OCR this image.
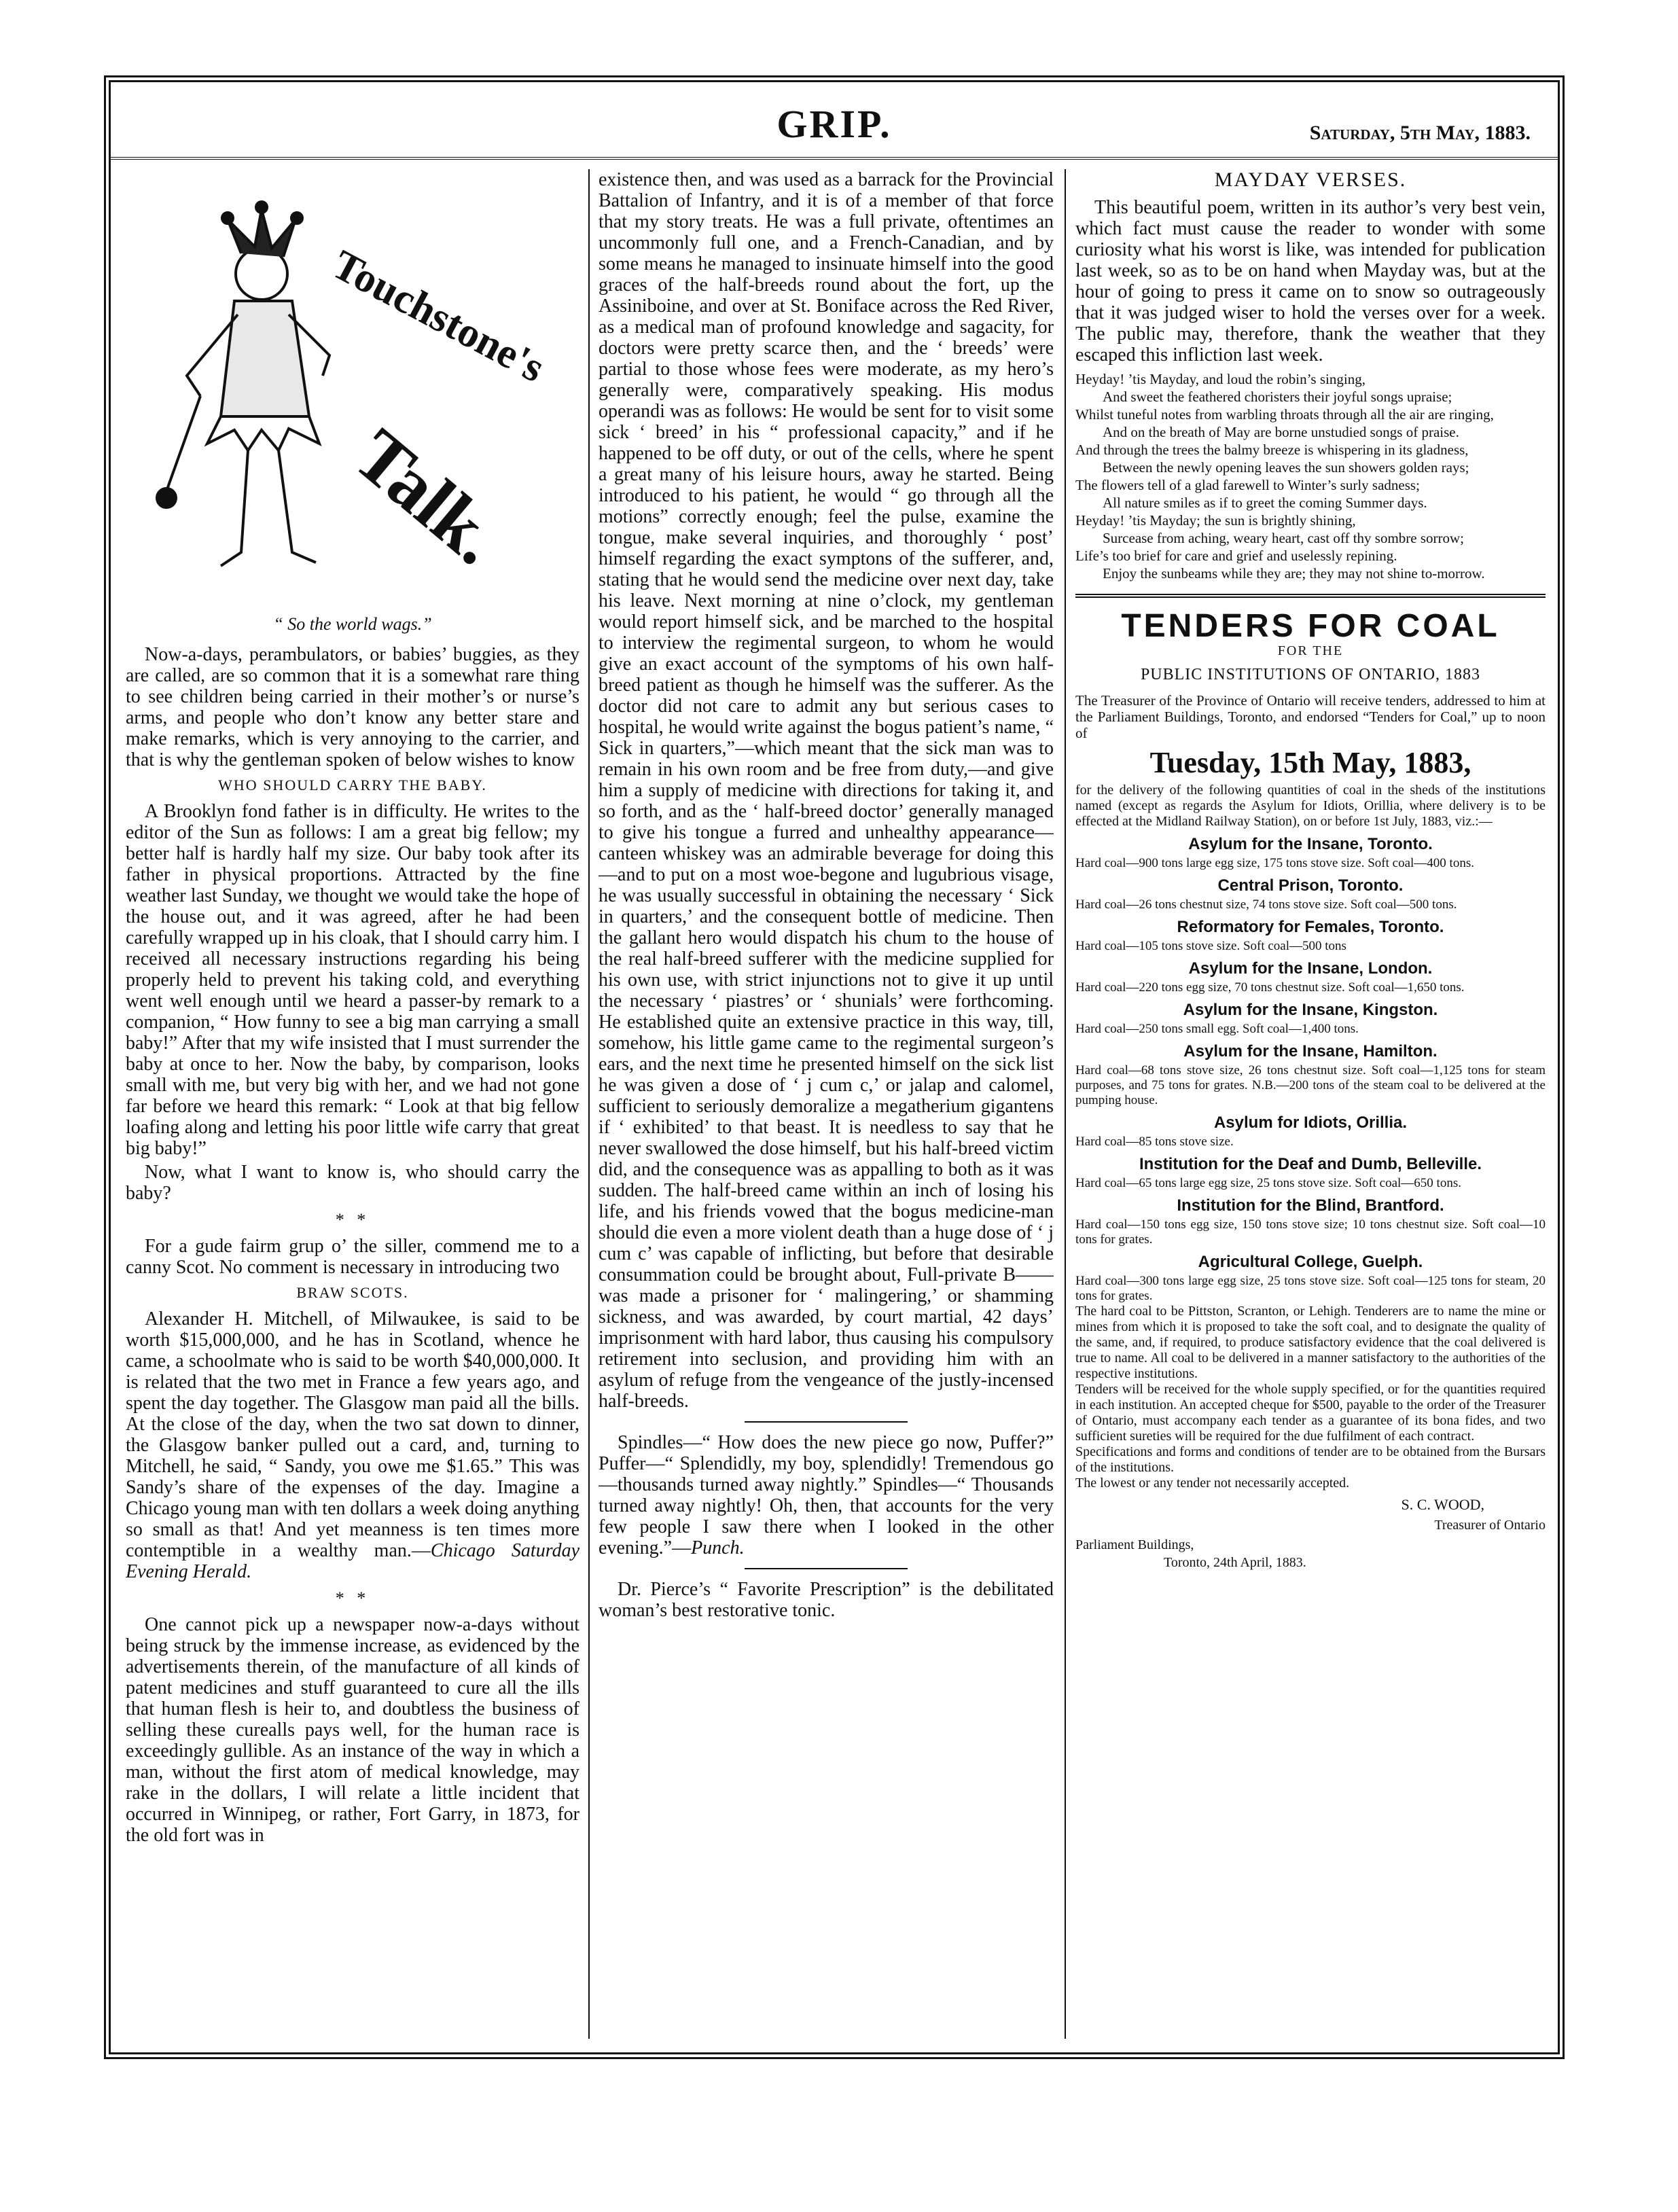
GRIP.	Saturday, 5th May, 1883.
Touchstone's
Talk.

“ So the world wags.”

Now-a-days, perambulators, or babies’ buggies, as they are called, are so common that it is a somewhat rare thing to see children being carried in their mother’s or nurse’s arms, and people who don’t know any better stare and make remarks, which is very annoying to the carrier, and that is why the gentleman spoken of below wishes to know

WHO SHOULD CARRY THE BABY.

A Brooklyn fond father is in difficulty. He writes to the editor of the Sun as follows: I am a great big fellow; my better half is hardly half my size. Our baby took after its father in physical proportions. Attracted by the fine weather last Sunday, we thought we would take the hope of the house out, and it was agreed, after he had been carefully wrapped up in his cloak, that I should carry him. I received all necessary instructions regarding his being properly held to prevent his taking cold, and everything went well enough until we heard a passer-by remark to a companion, “ How funny to see a big man carrying a small baby!” After that my wife insisted that I must surrender the baby at once to her. Now the baby, by comparison, looks small with me, but very big with her, and we had not gone far before we heard this remark: “ Look at that big fellow loafing along and letting his poor little wife carry that great big baby!”

Now, what I want to know is, who should carry the baby?

* *

For a gude fairm grup o’ the siller, commend me to a canny Scot. No comment is necessary in introducing two

BRAW SCOTS.

Alexander H. Mitchell, of Milwaukee, is said to be worth $15,000,000, and he has in Scotland, whence he came, a schoolmate who is said to be worth $40,000,000. It is related that the two met in France a few years ago, and spent the day together. The Glasgow man paid all the bills. At the close of the day, when the two sat down to dinner, the Glasgow banker pulled out a card, and, turning to Mitchell, he said, “ Sandy, you owe me $1.65.” This was Sandy’s share of the expenses of the day. Imagine a Chicago young man with ten dollars a week doing anything so small as that! And yet meanness is ten times more contemptible in a wealthy man.—Chicago Saturday Evening Herald.

* *

One cannot pick up a newspaper now-a-days without being struck by the immense increase, as evidenced by the advertisements therein, of the manufacture of all kinds of patent medicines and stuff guaranteed to cure all the ills that human flesh is heir to, and doubtless the business of selling these curealls pays well, for the human race is exceedingly gullible. As an instance of the way in which a man, without the first atom of medical knowledge, may rake in the dollars, I will relate a little incident that occurred in Winnipeg, or rather, Fort Garry, in 1873, for the old fort was in

existence then, and was used as a barrack for the Provincial Battalion of Infantry, and it is of a member of that force that my story treats. He was a full private, oftentimes an uncommonly full one, and a French-Canadian, and by some means he managed to insinuate himself into the good graces of the half-breeds round about the fort, up the Assiniboine, and over at St. Boniface across the Red River, as a medical man of profound knowledge and sagacity, for doctors were pretty scarce then, and the ‘ breeds’ were partial to those whose fees were moderate, as my hero’s generally were, comparatively speaking. His modus operandi was as follows: He would be sent for to visit some sick ‘ breed’ in his “ professional capacity,” and if he happened to be off duty, or out of the cells, where he spent a great many of his leisure hours, away he started. Being introduced to his patient, he would “ go through all the motions” correctly enough; feel the pulse, examine the tongue, make several inquiries, and thoroughly ‘ post’ himself regarding the exact symptons of the sufferer, and, stating that he would send the medicine over next day, take his leave. Next morning at nine o’clock, my gentleman would report himself sick, and be marched to the hospital to interview the regimental surgeon, to whom he would give an exact account of the symptoms of his own half-breed patient as though he himself was the sufferer. As the doctor did not care to admit any but serious cases to hospital, he would write against the bogus patient’s name, “ Sick in quarters,”—which meant that the sick man was to remain in his own room and be free from duty,—and give him a supply of medicine with directions for taking it, and so forth, and as the ‘ half-breed doctor’ generally managed to give his tongue a furred and unhealthy appearance—canteen whiskey was an admirable beverage for doing this—and to put on a most woe-begone and lugubrious visage, he was usually successful in obtaining the necessary ‘ Sick in quarters,’ and the consequent bottle of medicine. Then the gallant hero would dispatch his chum to the house of the real half-breed sufferer with the medicine supplied for his own use, with strict injunctions not to give it up until the necessary ‘ piastres’ or ‘ shunials’ were forthcoming. He established quite an extensive practice in this way, till, somehow, his little game came to the regimental surgeon’s ears, and the next time he presented himself on the sick list he was given a dose of ‘ j cum c,’ or jalap and calomel, sufficient to seriously demoralize a megatherium gigantens if ‘ exhibited’ to that beast. It is needless to say that he never swallowed the dose himself, but his half-breed victim did, and the consequence was as appalling to both as it was sudden. The half-breed came within an inch of losing his life, and his friends vowed that the bogus medicine-man should die even a more violent death than a huge dose of ‘ j cum c’ was capable of inflicting, but before that desirable consummation could be brought about, Full-private B—— was made a prisoner for ‘ malingering,’ or shamming sickness, and was awarded, by court martial, 42 days’ imprisonment with hard labor, thus causing his compulsory retirement into seclusion, and providing him with an asylum of refuge from the vengeance of the justly-incensed half-breeds.

Spindles—“ How does the new piece go now, Puffer?” Puffer—“ Splendidly, my boy, splendidly! Tremendous go—thousands turned away nightly.” Spindles—“ Thousands turned away nightly! Oh, then, that accounts for the very few people I saw there when I looked in the other evening.”—Punch.

Dr. Pierce’s “ Favorite Prescription” is the debilitated woman’s best restorative tonic.

MAYDAY VERSES.

This beautiful poem, written in its author’s very best vein, which fact must cause the reader to wonder with some curiosity what his worst is like, was intended for publication last week, so as to be on hand when Mayday was, but at the hour of going to press it came on to snow so outrageously that it was judged wiser to hold the verses over for a week. The public may, therefore, thank the weather that they escaped this infliction last week.

Heyday! ’tis Mayday, and loud the robin’s singing,
And sweet the feathered choristers their joyful songs upraise;
Whilst tuneful notes from warbling throats through all the air are ringing,
And on the breath of May are borne unstudied songs of praise.
And through the trees the balmy breeze is whispering in its gladness,
Between the newly opening leaves the sun showers golden rays;
The flowers tell of a glad farewell to Winter’s surly sadness;
All nature smiles as if to greet the coming Summer days.
Heyday! ’tis Mayday; the sun is brightly shining,
Surcease from aching, weary heart, cast off thy sombre sorrow;
Life’s too brief for care and grief and uselessly repining.
Enjoy the sunbeams while they are; they may not shine to-morrow.
TENDERS FOR COAL
FOR THE
PUBLIC INSTITUTIONS OF ONTARIO, 1883
The Treasurer of the Province of Ontario will receive tenders, addressed to him at the Parliament Buildings, Toronto, and endorsed “Tenders for Coal,” up to noon of
Tuesday, 15th May, 1883,
for the delivery of the following quantities of coal in the sheds of the institutions named (except as regards the Asylum for Idiots, Orillia, where delivery is to be effected at the Midland Railway Station), on or before 1st July, 1883, viz.:—
Asylum for the Insane, Toronto.
Hard coal—900 tons large egg size, 175 tons stove size. Soft coal—400 tons.
Central Prison, Toronto.
Hard coal—26 tons chestnut size, 74 tons stove size. Soft coal—500 tons.
Reformatory for Females, Toronto.
Hard coal—105 tons stove size. Soft coal—500 tons
Asylum for the Insane, London.
Hard coal—220 tons egg size, 70 tons chestnut size. Soft coal—1,650 tons.
Asylum for the Insane, Kingston.
Hard coal—250 tons small egg. Soft coal—1,400 tons.
Asylum for the Insane, Hamilton.
Hard coal—68 tons stove size, 26 tons chestnut size. Soft coal—1,125 tons for steam purposes, and 75 tons for grates. N.B.—200 tons of the steam coal to be delivered at the pumping house.
Asylum for Idiots, Orillia.
Hard coal—85 tons stove size.
Institution for the Deaf and Dumb, Belleville.
Hard coal—65 tons large egg size, 25 tons stove size. Soft coal—650 tons.
Institution for the Blind, Brantford.
Hard coal—150 tons egg size, 150 tons stove size; 10 tons chestnut size. Soft coal—10 tons for grates.
Agricultural College, Guelph.
Hard coal—300 tons large egg size, 25 tons stove size. Soft coal—125 tons for steam, 20 tons for grates.
The hard coal to be Pittston, Scranton, or Lehigh. Tenderers are to name the mine or mines from which it is proposed to take the soft coal, and to designate the quality of the same, and, if required, to produce satisfactory evidence that the coal delivered is true to name. All coal to be delivered in a manner satisfactory to the authorities of the respective institutions.
Tenders will be received for the whole supply specified, or for the quantities required in each institution. An accepted cheque for $500, payable to the order of the Treasurer of Ontario, must accompany each tender as a guarantee of its bona fides, and two sufficient sureties will be required for the due fulfilment of each contract.
Specifications and forms and conditions of tender are to be obtained from the Bursars of the institutions.
The lowest or any tender not necessarily accepted.
S. C. WOOD,
Treasurer of Ontario
Parliament Buildings,
Toronto, 24th April, 1883.
